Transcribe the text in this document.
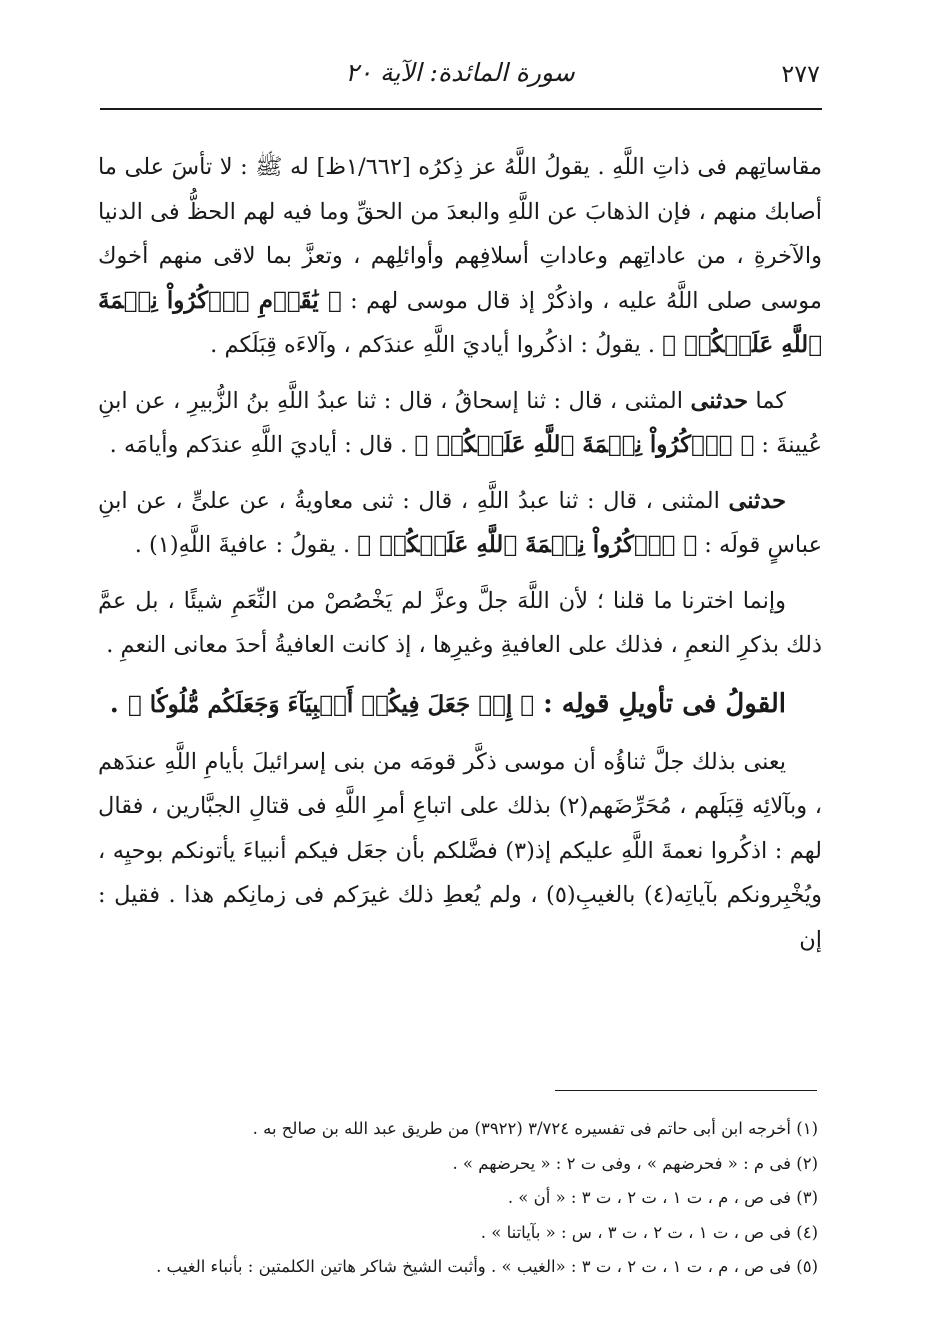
سورة المائدة: الآية ٢٠	٢٧٧

مقاساتِهم فى ذاتِ اللَّهِ . يقولُ اللَّهُ عز ذِكرُه [١/٦٦٢ظ] له ﷺ : لا تأسَ على ما أصابك منهم ، فإن الذهابَ عن اللَّهِ والبعدَ من الحقِّ وما فيه لهم الحظُّ فى الدنيا والآخرةِ ، من عاداتِهم وعاداتِ أسلافِهم وأوائلِهم ، وتعزَّ بما لاقى منهم أخوك موسى صلى اللَّهُ عليه ، واذكُرْ إذ قال موسى لهم : ﴿ يَٰقَوۡمِ ٱذۡكُرُواْ نِعۡمَةَ ٱللَّهِ عَلَيۡكُمۡ ﴾ . يقولُ : اذكُروا أياديَ اللَّهِ عندَكم ، وآلاءَه قِبَلَكم .

كما حدثنى المثنى ، قال : ثنا إسحاقُ ، قال : ثنا عبدُ اللَّهِ بنُ الزُّبيرِ ، عن ابنِ عُيينةَ : ﴿ ٱذۡكُرُواْ نِعۡمَةَ ٱللَّهِ عَلَيۡكُمۡ ﴾ . قال : أياديَ اللَّهِ عندَكم وأيامَه .

حدثنى المثنى ، قال : ثنا عبدُ اللَّهِ ، قال : ثنى معاويةُ ، عن علىٍّ ، عن ابنِ عباسٍ قولَه : ﴿ ٱذۡكُرُواْ نِعۡمَةَ ٱللَّهِ عَلَيۡكُمۡ ﴾ . يقولُ : عافيةَ اللَّهِ(١) .

وإنما اخترنا ما قلنا ؛ لأن اللَّهَ جلَّ وعزَّ لم يَخْصُصْ من النِّعَمِ شيئًا ، بل عمَّ ذلك بذكرِ النعمِ ، فذلك على العافيةِ وغيرِها ، إذ كانت العافيةُ أحدَ معانى النعمِ .

القولُ فى تأويلِ قولِه : ﴿ إِذۡ جَعَلَ فِيكُمۡ أَنۢبِيَآءَ وَجَعَلَكُم مُّلُوكٗا ﴾ .

يعنى بذلك جلَّ ثناؤُه أن موسى ذكَّر قومَه من بنى إسرائيلَ بأيامِ اللَّهِ عندَهم ، وبآلائِه قِبَلَهم ، مُحَرِّضَهم(٢) بذلك على اتباعِ أمرِ اللَّهِ فى قتالِ الجبَّارين ، فقال لهم : اذكُروا نعمةَ اللَّهِ عليكم إذ(٣) فضَّلكم بأن جعَل فيكم أنبياءَ يأتونكم بوحيِه ، ويُخْبِرونكم بآياتِه(٤) بالغيبِ(٥) ، ولم يُعطِ ذلك غيرَكم فى زمانِكم هذا . فقيل : إن

(١) أخرجه ابن أبى حاتم فى تفسيره ٣/٧٢٤ (٣٩٢٢) من طريق عبد الله بن صالح به .

(٢) فى م : « فحرضهم » ، وفى ت ٢ : « يحرضهم » .

(٣) فى ص ، م ، ت ١ ، ت ٢ ، ت ٣ : « أن » .

(٤) فى ص ، ت ١ ، ت ٢ ، ت ٣ ، س : « بآياتنا » .

(٥) فى ص ، م ، ت ١ ، ت ٢ ، ت ٣ : «الغيب » . وأثبت الشيخ شاكر هاتين الكلمتين : بأنباء الغيب .
